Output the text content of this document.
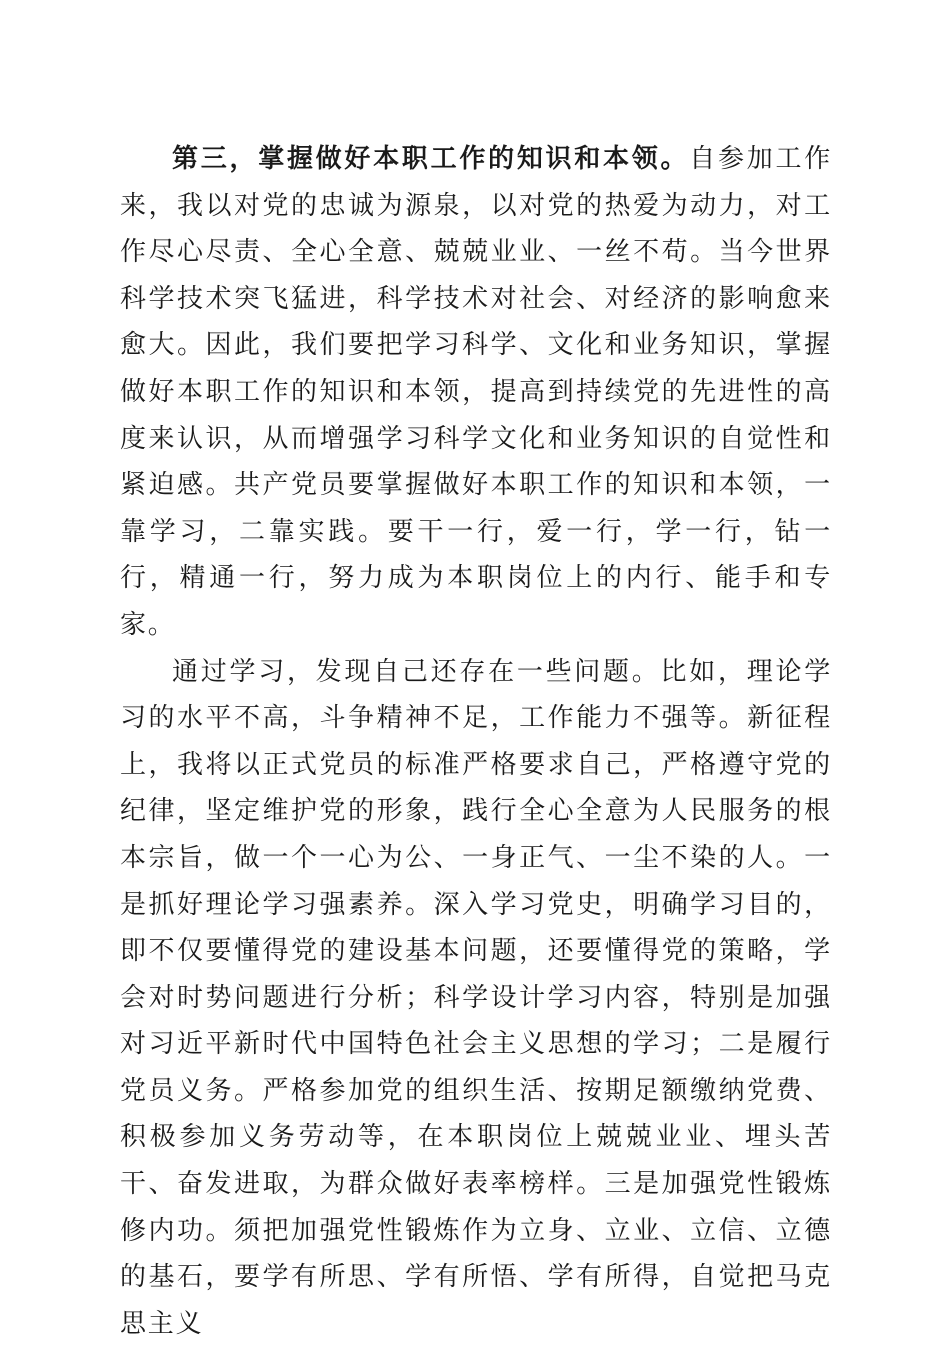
第三，掌握做好本职工作的知识和本领。自参加工作来，我以对党的忠诚为源泉，以对党的热爱为动力，对工作尽心尽责、全心全意、兢兢业业、一丝不苟。当今世界科学技术突飞猛进，科学技术对社会、对经济的影响愈来愈大。因此，我们要把学习科学、文化和业务知识，掌握做好本职工作的知识和本领，提高到持续党的先进性的高度来认识，从而增强学习科学文化和业务知识的自觉性和紧迫感。共产党员要掌握做好本职工作的知识和本领，一靠学习，二靠实践。要干一行，爱一行，学一行，钻一行，精通一行，努力成为本职岗位上的内行、能手和专家。

通过学习，发现自己还存在一些问题。比如，理论学习的水平不高，斗争精神不足，工作能力不强等。新征程上，我将以正式党员的标准严格要求自己，严格遵守党的纪律，坚定维护党的形象，践行全心全意为人民服务的根本宗旨，做一个一心为公、一身正气、一尘不染的人。一是抓好理论学习强素养。深入学习党史，明确学习目的，即不仅要懂得党的建设基本问题，还要懂得党的策略，学会对时势问题进行分析；科学设计学习内容，特别是加强对习近平新时代中国特色社会主义思想的学习；二是履行党员义务。严格参加党的组织生活、按期足额缴纳党费、积极参加义务劳动等，在本职岗位上兢兢业业、埋头苦干、奋发进取，为群众做好表率榜样。三是加强党性锻炼修内功。须把加强党性锻炼作为立身、立业、立信、立德的基石，要学有所思、学有所悟、学有所得，自觉把马克思主义
